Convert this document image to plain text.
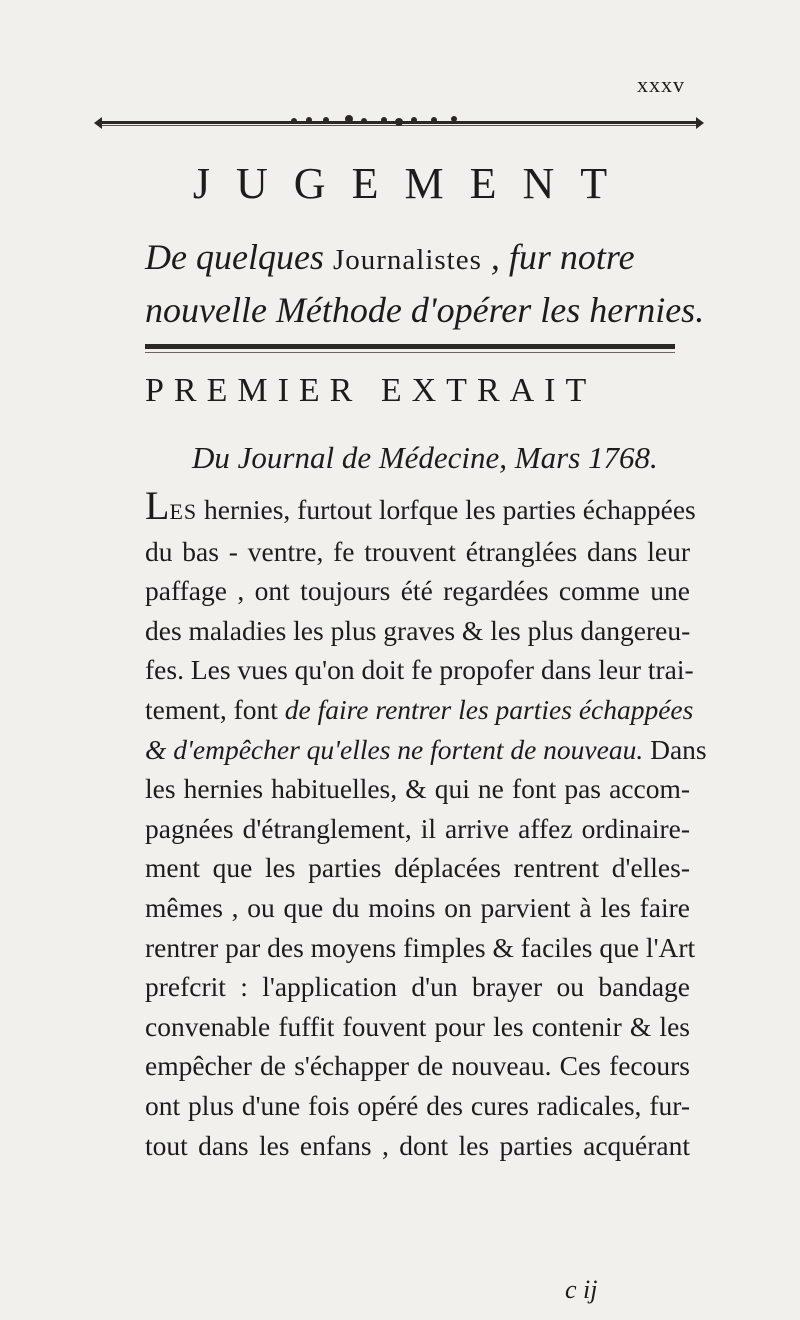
xxxv
JUGEMENT
De quelques Journalistes , fur notre
nouvelle Méthode d'opérer les hernies.
PREMIER EXTRAIT
Du Journal de Médecine, Mars 1768.
LES hernies, furtout lorfque les parties échappées
du bas - ventre, fe trouvent étranglées dans leur
paffage , ont toujours été regardées comme une
des maladies les plus graves & les plus dangereu-
fes. Les vues qu'on doit fe propofer dans leur trai-
tement, font de faire rentrer les parties échappées
& d'empêcher qu'elles ne fortent de nouveau. Dans
les hernies habituelles, & qui ne font pas accom-
pagnées d'étranglement, il arrive affez ordinaire-
ment que les parties déplacées rentrent d'elles-
mêmes , ou que du moins on parvient à les faire
rentrer par des moyens fimples & faciles que l'Art
prefcrit : l'application d'un brayer ou bandage
convenable fuffit fouvent pour les contenir & les
empêcher de s'échapper de nouveau. Ces fecours
ont plus d'une fois opéré des cures radicales, fur-
tout dans les enfans , dont les parties acquérant
c ij
